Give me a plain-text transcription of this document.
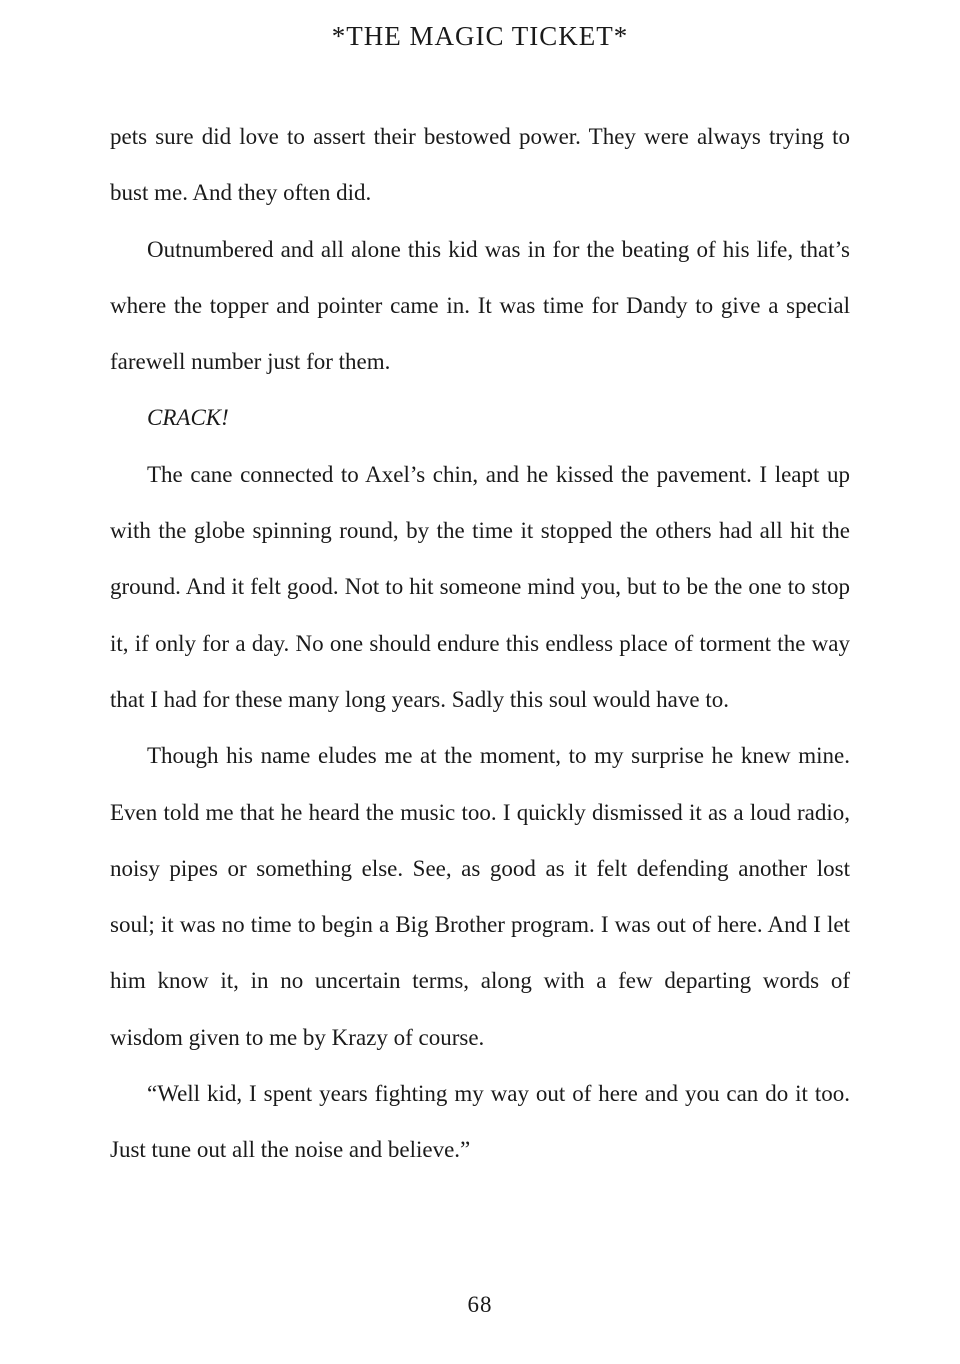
*THE MAGIC TICKET*

pets sure did love to assert their bestowed power. They were always trying to bust me. And they often did.

Outnumbered and all alone this kid was in for the beating of his life, that’s where the topper and pointer came in. It was time for Dandy to give a special farewell number just for them.

CRACK!

The cane connected to Axel’s chin, and he kissed the pavement. I leapt up with the globe spinning round, by the time it stopped the others had all hit the ground. And it felt good. Not to hit someone mind you, but to be the one to stop it, if only for a day. No one should endure this endless place of torment the way that I had for these many long years. Sadly this soul would have to.

Though his name eludes me at the moment, to my surprise he knew mine. Even told me that he heard the music too. I quickly dismissed it as a loud radio, noisy pipes or something else. See, as good as it felt defending another lost soul; it was no time to begin a Big Brother program. I was out of here. And I let him know it, in no uncertain terms, along with a few departing words of wisdom given to me by Krazy of course.

“Well kid, I spent years fighting my way out of here and you can do it too. Just tune out all the noise and believe.”

68
